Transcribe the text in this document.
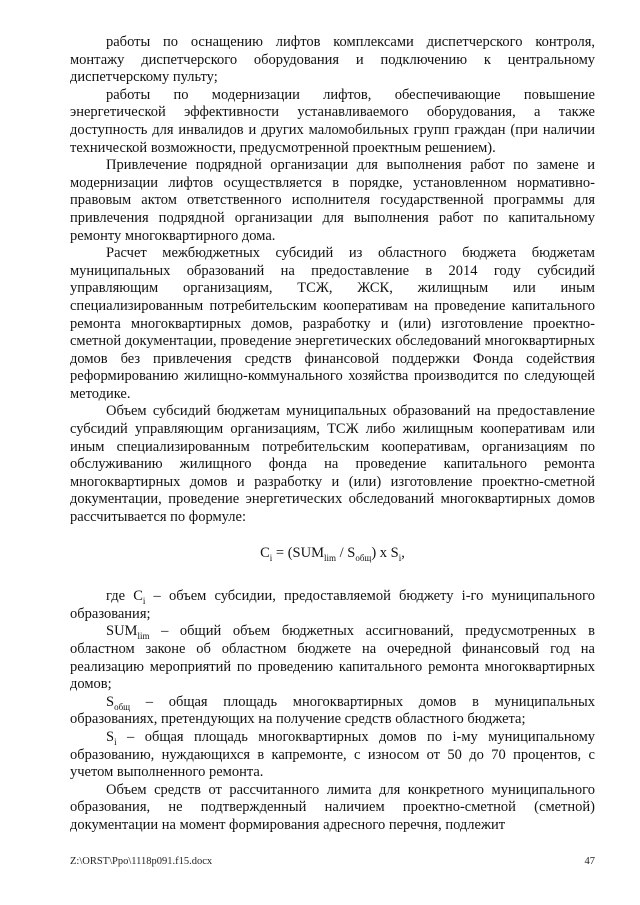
работы по оснащению лифтов комплексами диспетчерского контроля, монтажу диспетчерского оборудования и подключению к центральному диспетчерскому пульту;

работы по модернизации лифтов, обеспечивающие повышение энергетической эффективности устанавливаемого оборудования, а также доступность для инвалидов и других маломобильных групп граждан (при наличии технической возможности, предусмотренной проектным решением).

Привлечение подрядной организации для выполнения работ по замене и модернизации лифтов осуществляется в порядке, установленном нормативно-правовым актом ответственного исполнителя государственной программы для привлечения подрядной организации для выполнения работ по капитальному ремонту многоквартирного дома.

Расчет межбюджетных субсидий из областного бюджета бюджетам муниципальных образований на предоставление в 2014 году субсидий управляющим организациям, ТСЖ, ЖСК, жилищным или иным специализированным потребительским кооперативам на проведение капитального ремонта многоквартирных домов, разработку и (или) изготовление проектно-сметной документации, проведение энергетических обследований многоквартирных домов без привлечения средств финансовой поддержки Фонда содействия реформированию жилищно-коммунального хозяйства производится по следующей методике.

Объем субсидий бюджетам муниципальных образований на предоставление субсидий управляющим организациям, ТСЖ либо жилищным кооперативам или иным специализированным потребительским кооперативам, организациям по обслуживанию жилищного фонда на проведение капитального ремонта многоквартирных домов и разработку и (или) изготовление проектно-сметной документации, проведение энергетических обследований многоквартирных домов рассчитывается по формуле:

$C_i = (SUM_{lim} / S_{общ})$ x $S_i$,

где $C_i$ – объем субсидии, предоставляемой бюджету i-го муниципального образования;

$SUM_{lim}$ – общий объем бюджетных ассигнований, предусмотренных в областном законе об областном бюджете на очередной финансовый год на реализацию мероприятий по проведению капитального ремонта многоквартирных домов;

$S_{общ}$ – общая площадь многоквартирных домов в муниципальных образованиях, претендующих на получение средств областного бюджета;

$S_i$ – общая площадь многоквартирных домов по i-му муниципальному образованию, нуждающихся в капремонте, с износом от 50 до 70 процентов, с учетом выполненного ремонта.

Объем средств от рассчитанного лимита для конкретного муниципального образования, не подтвержденный наличием проектно-сметной (сметной) документации на момент формирования адресного перечня, подлежит

Z:\ORST\Ppo\1118p091.f15.docx	47
